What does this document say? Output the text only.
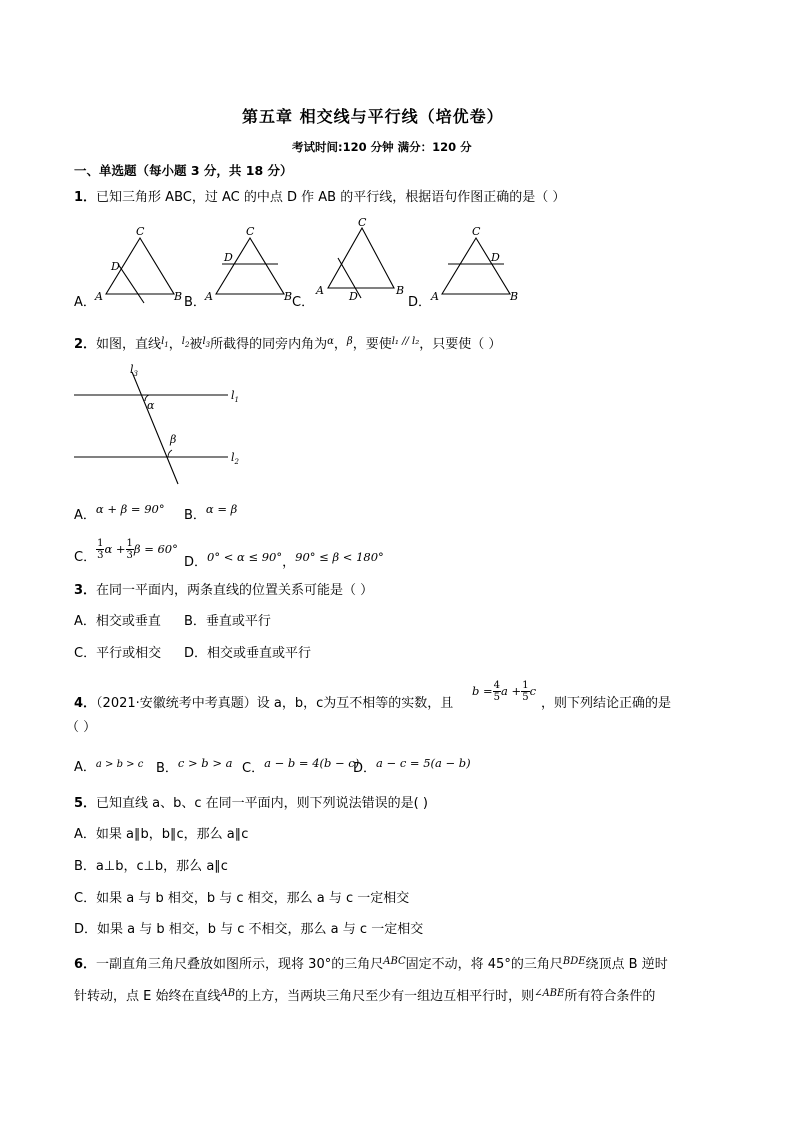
第五章 相交线与平行线（培优卷）
考试时间:120 分钟 满分：120 分
一、单选题（每小题 3 分，共 18 分）
1．已知三角形 ABC，过 AC 的中点 D 作 AB 的平行线，根据语句作图正确的是（ ）
A．
C
D
A	B B．
C
D
A	B C．
C
D
A	B
D．
C
D
A	B
2．如图，直线$^{l_1}$，$^{l_2}$被$^{l_3}$所截得的同旁内角为$^\alpha$，$^\beta$，要使$^{l_1 // l_2}$，只要使（ ）
$l_3$
$l_1$
$l_2$
α
β
A．α + β = 90° B．α = β
C． $\frac{1}{3}$ $\alpha + \frac{1}{3}$ β = 60°
D．0° < α ≤ 90°，90° ≤ β < 180°
3．在同一平面内，两条直线的位置关系可能是（ ）
A．相交或垂直 B．垂直或平行
C．平行或相交 D．相交或垂直或平行
4．（2021·安徽统考中考真题）设 a，b，c为互不相等的实数，且
$b = \frac{4}{5}$ $a + \frac{1}{5}$ c
，则下列结论正确的是
（ ）
A．$^{a > b > c}$ B．c > b > a C．a − b = 4(b − c)
D．a − c = 5(a − b)
5．已知直线 a、b、c 在同一平面内，则下列说法错误的是( )
A．如果 a∥b，b∥c，那么 a∥c
B．a⊥b，c⊥b，那么 a∥c
C．如果 a 与 b 相交，b 与 c 相交，那么 a 与 c 一定相交
D．如果 a 与 b 相交，b 与 c 不相交，那么 a 与 c 一定相交
6．一副直角三角尺叠放如图所示，现将 30°的三角尺$^{ABC}$固定不动，将 45°的三角尺$^{BDE}$绕顶点 B 逆时
针转动，点 E 始终在直线$^{AB}$的上方，当两块三角尺至少有一组边互相平行时，则$^{\angle ABE}$所有符合条件的
